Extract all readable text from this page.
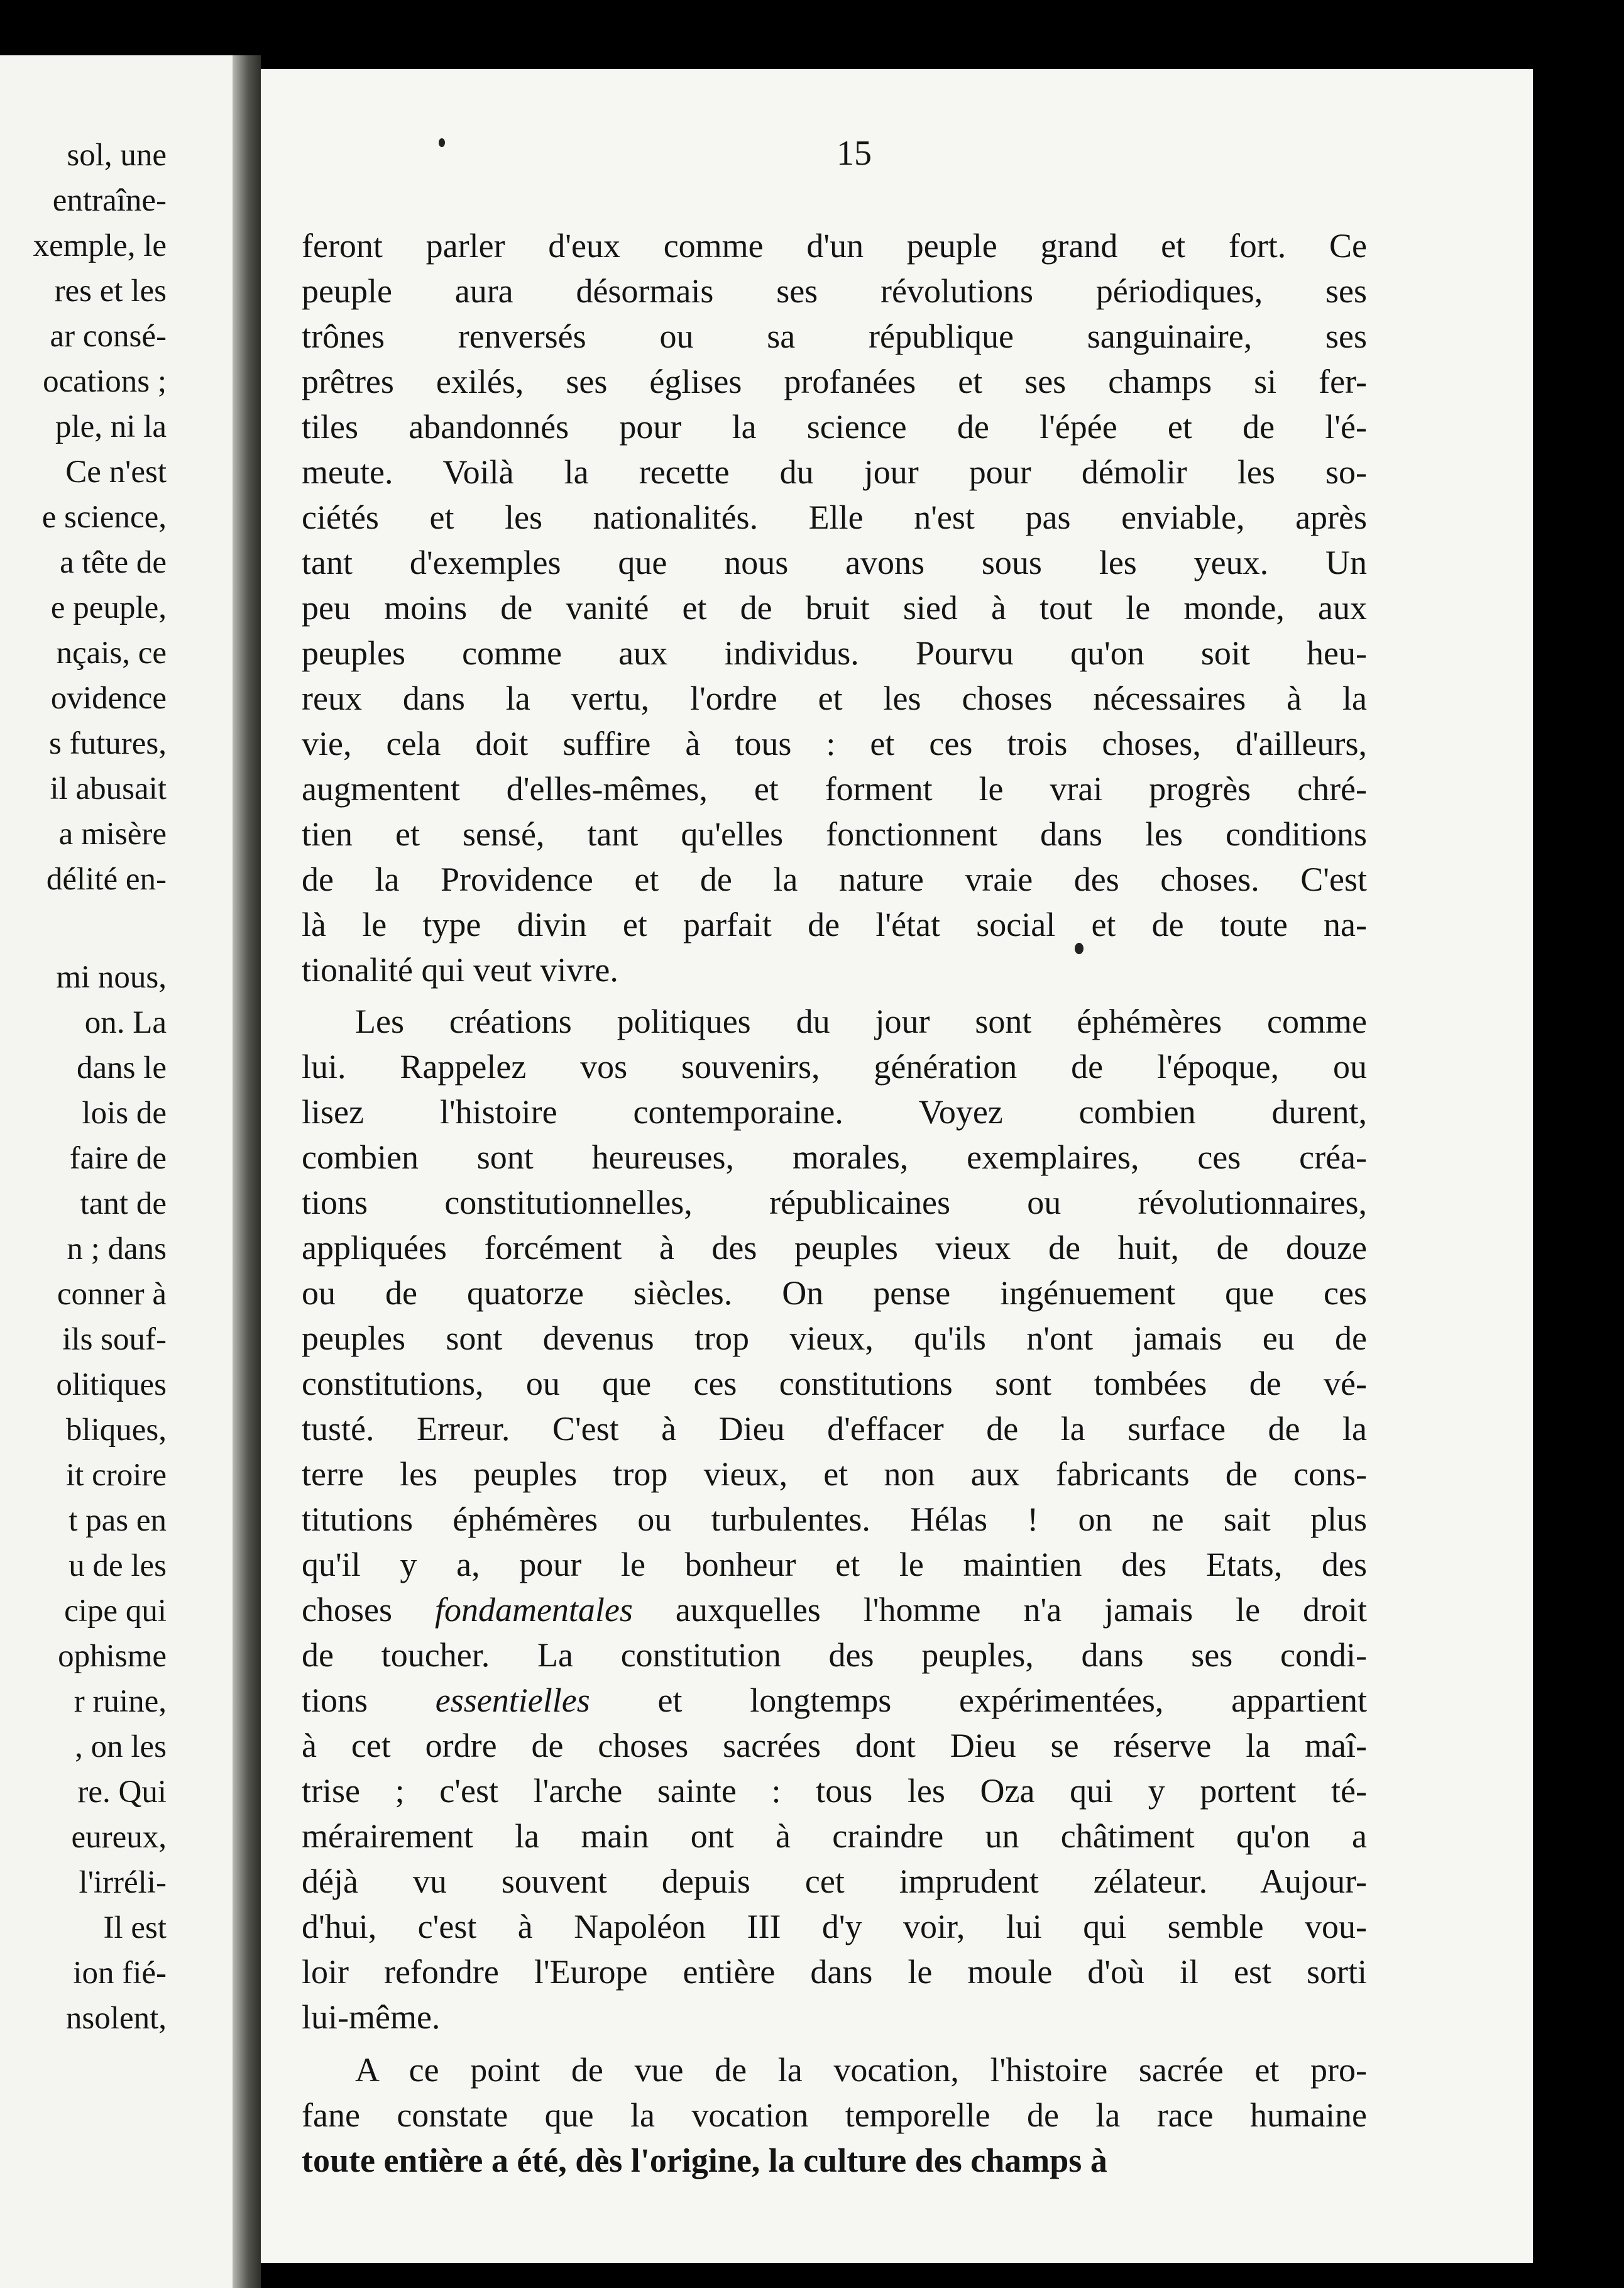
sol, une

entraîne-

xemple, le

res et les

ar consé-

ocations ;

ple, ni la

Ce n'est

e science,

a tête de

e peuple,

nçais, ce

ovidence

s futures,

il abusait

a misère

délité en-

mi nous,

on. La

dans le

lois de

faire de

tant de

n ; dans

conner à

ils souf-

olitiques

bliques,

it croire

t pas en

u de les

cipe qui

ophisme

r ruine,

, on les

re. Qui

eureux,

l'irréli-

Il est

ion fié-

nsolent,

15

feront parler d'eux comme d'un peuple grand et fort. Ce

peuple aura désormais ses révolutions périodiques, ses

trônes renversés ou sa république sanguinaire, ses

prêtres exilés, ses églises profanées et ses champs si fer-

tiles abandonnés pour la science de l'épée et de l'é-

meute. Voilà la recette du jour pour démolir les so-

ciétés et les nationalités. Elle n'est pas enviable, après

tant d'exemples que nous avons sous les yeux. Un

peu moins de vanité et de bruit sied à tout le monde, aux

peuples comme aux individus. Pourvu qu'on soit heu-

reux dans la vertu, l'ordre et les choses nécessaires à la

vie, cela doit suffire à tous : et ces trois choses, d'ailleurs,

augmentent d'elles-mêmes, et forment le vrai progrès chré-

tien et sensé, tant qu'elles fonctionnent dans les conditions

de la Providence et de la nature vraie des choses. C'est

là le type divin et parfait de l'état social et de toute na-

tionalité qui veut vivre.

Les créations politiques du jour sont éphémères comme

lui. Rappelez vos souvenirs, génération de l'époque, ou

lisez l'histoire contemporaine. Voyez combien durent,

combien sont heureuses, morales, exemplaires, ces créa-

tions constitutionnelles, républicaines ou révolutionnaires,

appliquées forcément à des peuples vieux de huit, de douze

ou de quatorze siècles. On pense ingénuement que ces

peuples sont devenus trop vieux, qu'ils n'ont jamais eu de

constitutions, ou que ces constitutions sont tombées de vé-

tusté. Erreur. C'est à Dieu d'effacer de la surface de la

terre les peuples trop vieux, et non aux fabricants de cons-

titutions éphémères ou turbulentes. Hélas ! on ne sait plus

qu'il y a, pour le bonheur et le maintien des Etats, des

choses fondamentales auxquelles l'homme n'a jamais le droit

de toucher. La constitution des peuples, dans ses condi-

tions essentielles et longtemps expérimentées, appartient

à cet ordre de choses sacrées dont Dieu se réserve la maî-

trise ; c'est l'arche sainte : tous les Oza qui y portent té-

mérairement la main ont à craindre un châtiment qu'on a

déjà vu souvent depuis cet imprudent zélateur. Aujour-

d'hui, c'est à Napoléon III d'y voir, lui qui semble vou-

loir refondre l'Europe entière dans le moule d'où il est sorti

lui-même.

A ce point de vue de la vocation, l'histoire sacrée et pro-

fane constate que la vocation temporelle de la race humaine

toute entière a été, dès l'origine, la culture des champs à
